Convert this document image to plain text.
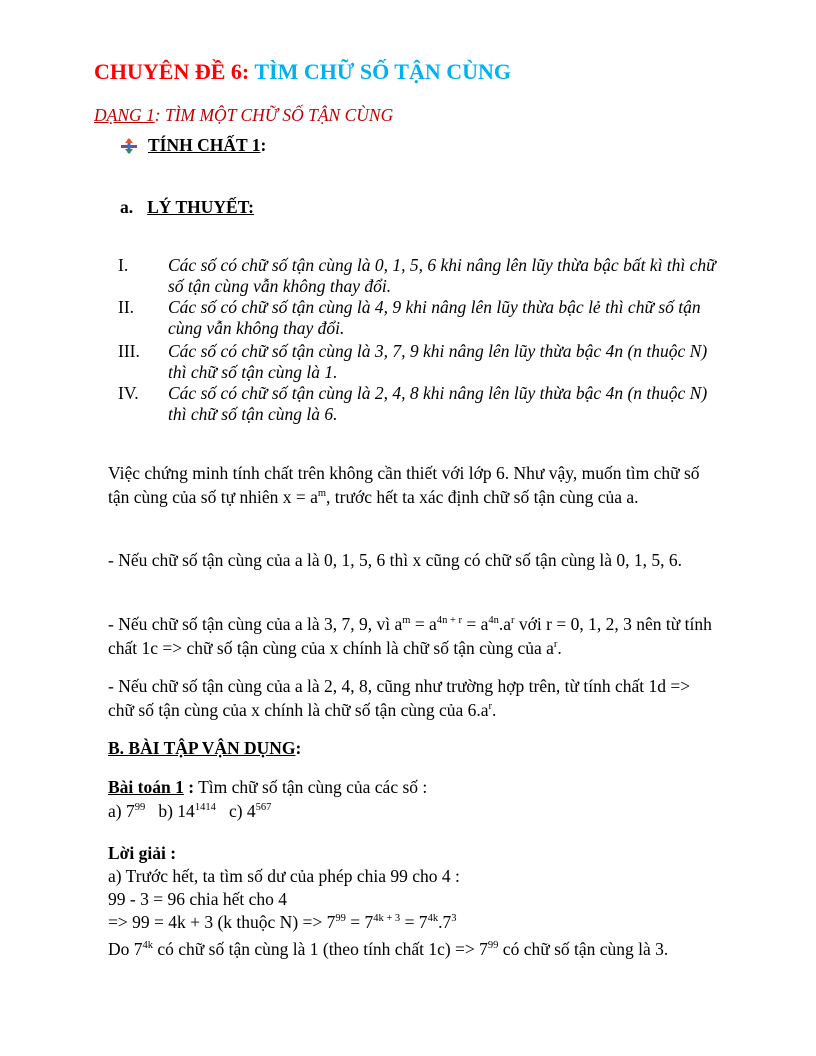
CHUYÊN ĐỀ 6: TÌM CHỮ SỐ TẬN CÙNG
DẠNG 1: TÌM MỘT CHỮ SỐ TẬN CÙNG
TÍNH CHẤT 1 :
a. LÝ THUYẾT:
I. Các số có chữ số tận cùng là 0, 1, 5, 6 khi nâng lên lũy thừa bậc bất kì thì chữ số tận cùng vẫn không thay đổi.
II. Các số có chữ số tận cùng là 4, 9 khi nâng lên lũy thừa bậc lẻ thì chữ số tận cùng vẫn không thay đổi.
III. Các số có chữ số tận cùng là 3, 7, 9 khi nâng lên lũy thừa bậc 4n (n thuộc N) thì chữ số tận cùng là 1.
IV. Các số có chữ số tận cùng là 2, 4, 8 khi nâng lên lũy thừa bậc 4n (n thuộc N) thì chữ số tận cùng là 6.
Việc chứng minh tính chất trên không cần thiết với lớp 6. Như vậy, muốn tìm chữ số tận cùng của số tự nhiên $x = a^m$, trước hết ta xác định chữ số tận cùng của a.
- Nếu chữ số tận cùng của a là 0, 1, 5, 6 thì x cũng có chữ số tận cùng là 0, 1, 5, 6.
- Nếu chữ số tận cùng của a là 3, 7, 9, vì $a^m = a^{4n + r} = a^{4n}.a^r$ với r = 0, 1, 2, 3 nên từ tính chất 1c => chữ số tận cùng của x chính là chữ số tận cùng của $a^r$.
- Nếu chữ số tận cùng của a là 2, 4, 8, cũng như trường hợp trên, từ tính chất 1d => chữ số tận cùng của x chính là chữ số tận cùng của $6.a^r$.
B. BÀI TẬP VẬN DỤNG:
Bài toán 1 : Tìm chữ số tận cùng của các số :
a) $7^{99}$   b) $14^{1414}$   c) $4^{567}$
Lời giải :
a) Trước hết, ta tìm số dư của phép chia 99 cho 4 :
99 - 3 = 96 chia hết cho 4
=> 99 = 4k + 3 (k thuộc $N) => 7^{99} = 7^{4k + 3} = 7^{4k}.7^3$
Do $7^{4k}$ có chữ số tận cùng là 1 (theo tính chất $1c) => 7^{99}$ có chữ số tận cùng là 3.
